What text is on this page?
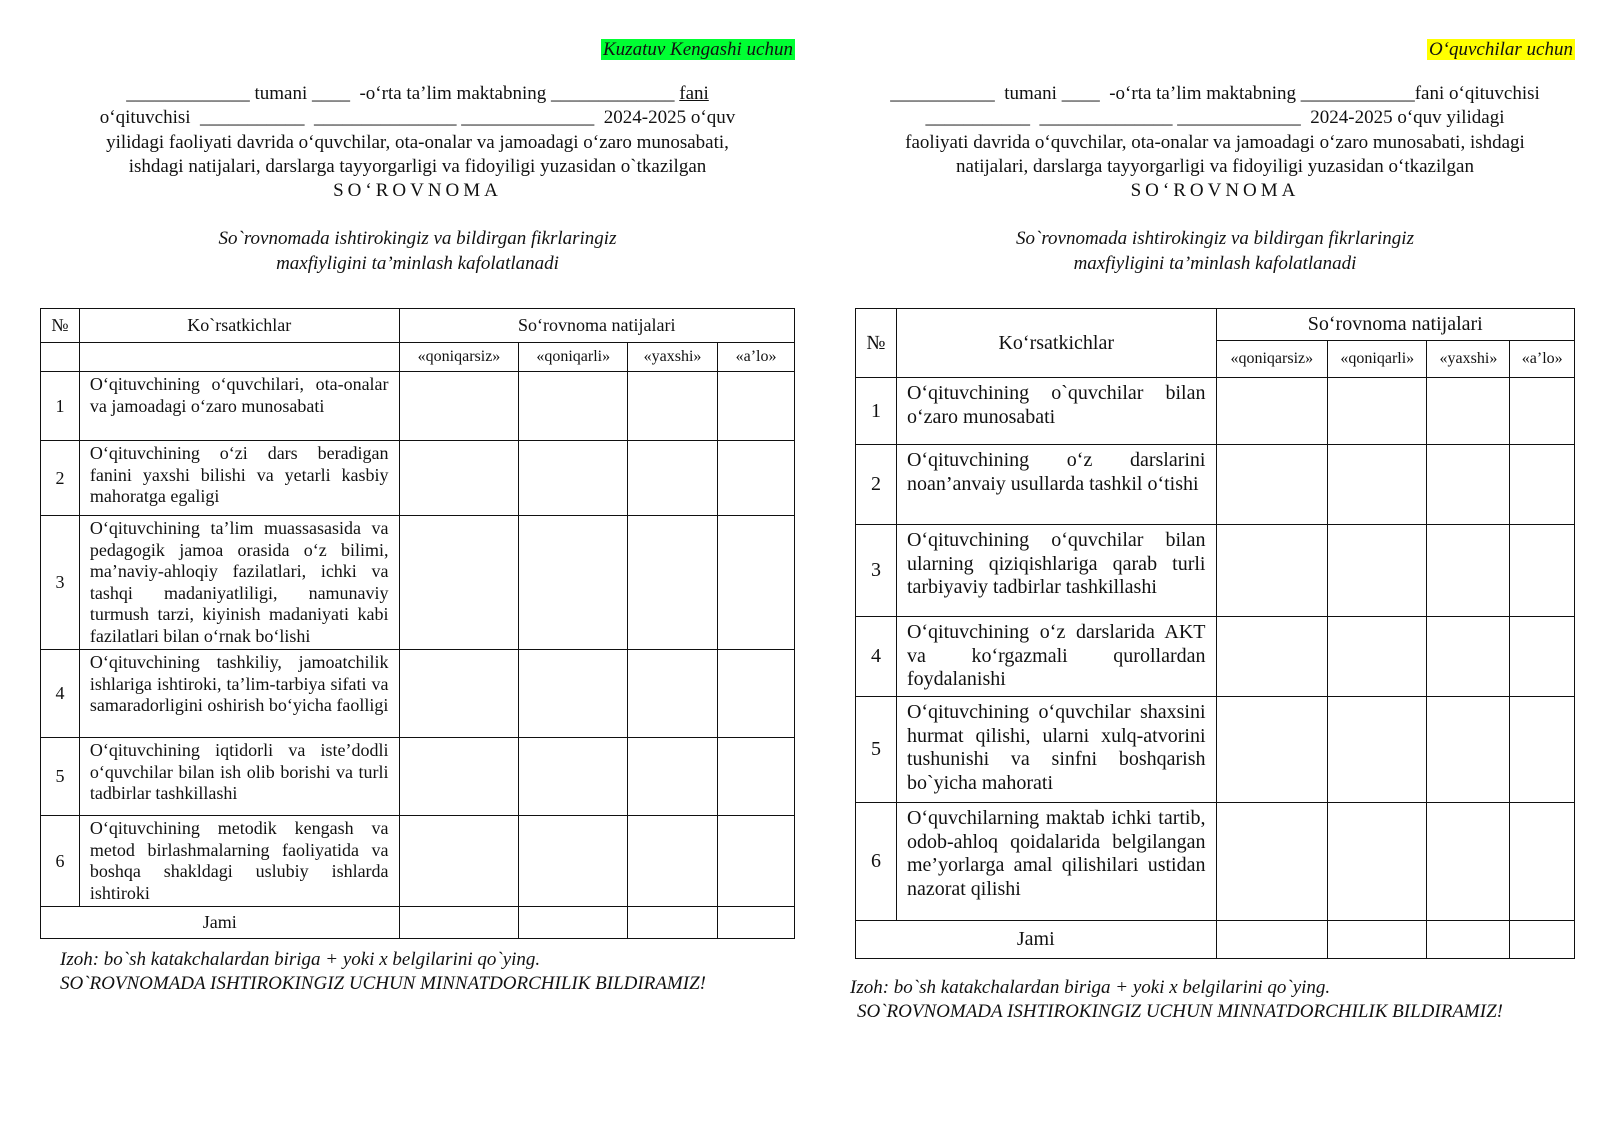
Kuzatuv Kengashi uchun
_____________ tumani ____  -o‘rta ta’lim maktabning _____________ fani
o‘qituvchisi  ___________  _______________ ______________  2024-2025 o‘quv
yilidagi faoliyati davrida o‘quvchilar, ota-onalar va jamoadagi o‘zaro munosabati,
ishdagi natijalari, darslarga tayyorgarligi va fidoyiligi yuzasidan o`tkazilgan
SO‘ROVNOMA
So`rovnomada ishtirokingiz va bildirgan fikrlaringiz
maxfiyligini ta’minlash kafolatlanadi
№	Ko`rsatkichlar	So‘rovnoma natijalari			
		«qoniqarsiz»	«qoniqarli»	«yaxshi»	«a’lo»
1	O‘qituvchining o‘quvchilari, ota-onalar va jamoadagi o‘zaro munosabati				
2	O‘qituvchining o‘zi dars beradigan fanini yaxshi bilishi va yetarli kasbiy mahoratga egaligi				
3	O‘qituvchining ta’lim muassasasida va pedagogik jamoa orasida o‘z bilimi, ma’naviy-ahloqiy fazilatlari, ichki va tashqi madaniyatliligi, namunaviy turmush tarzi, kiyinish madaniyati kabi fazilatlari bilan o‘rnak bo‘lishi				
4	O‘qituvchining tashkiliy, jamoatchilik ishlariga ishtiroki, ta’lim-tarbiya sifati va samaradorligini oshirish bo‘yicha faolligi				
5	O‘qituvchining iqtidorli va iste’dodli o‘quvchilar bilan ish olib borishi va turli tadbirlar tashkillashi				
6	O‘qituvchining metodik kengash va metod birlashmalarning faoliyatida va boshqa shakldagi uslubiy ishlarda ishtiroki				
Jami					
Izoh: bo`sh katakchalardan biriga + yoki x belgilarini qo`ying.
SO`ROVNOMADA ISHTIROKINGIZ UCHUN MINNATDORCHILIK BILDIRAMIZ!
O‘quvchilar uchun
___________  tumani ____  -o‘rta ta’lim maktabning ____________fani o‘qituvchisi
___________  ______________ _____________  2024-2025 o‘quv yilidagi
faoliyati davrida o‘quvchilar, ota-onalar va jamoadagi o‘zaro munosabati, ishdagi
natijalari, darslarga tayyorgarligi va fidoyiligi yuzasidan o‘tkazilgan
SO‘ROVNOMA
So`rovnomada ishtirokingiz va bildirgan fikrlaringiz
maxfiyligini ta’minlash kafolatlanadi
№	Ko‘rsatkichlar	So‘rovnoma natijalari			
		«qoniqarsiz»	«qoniqarli»	«yaxshi»	«a’lo»
1	O‘qituvchining o`quvchilar bilan o‘zaro munosabati				
2	O‘qituvchining o‘z darslarini noan’anvaiy usullarda tashkil o‘tishi				
3	O‘qituvchining o‘quvchilar bilan ularning qiziqishlariga qarab turli tarbiyaviy tadbirlar tashkillashi				
4	O‘qituvchining o‘z darslarida AKT va ko‘rgazmali qurollardan foydalanishi				
5	O‘qituvchining o‘quvchilar shaxsini hurmat qilishi, ularni xulq-atvorini tushunishi va sinfni boshqarish bo`yicha mahorati				
6	O‘quvchilarning maktab ichki tartib, odob-ahloq qoidalarida belgilangan me’yorlarga amal qilishilari ustidan nazorat qilishi				
Jami					
Izoh: bo`sh katakchalardan biriga + yoki x belgilarini qo`ying.
SO`ROVNOMADA ISHTIROKINGIZ UCHUN MINNATDORCHILIK BILDIRAMIZ!
